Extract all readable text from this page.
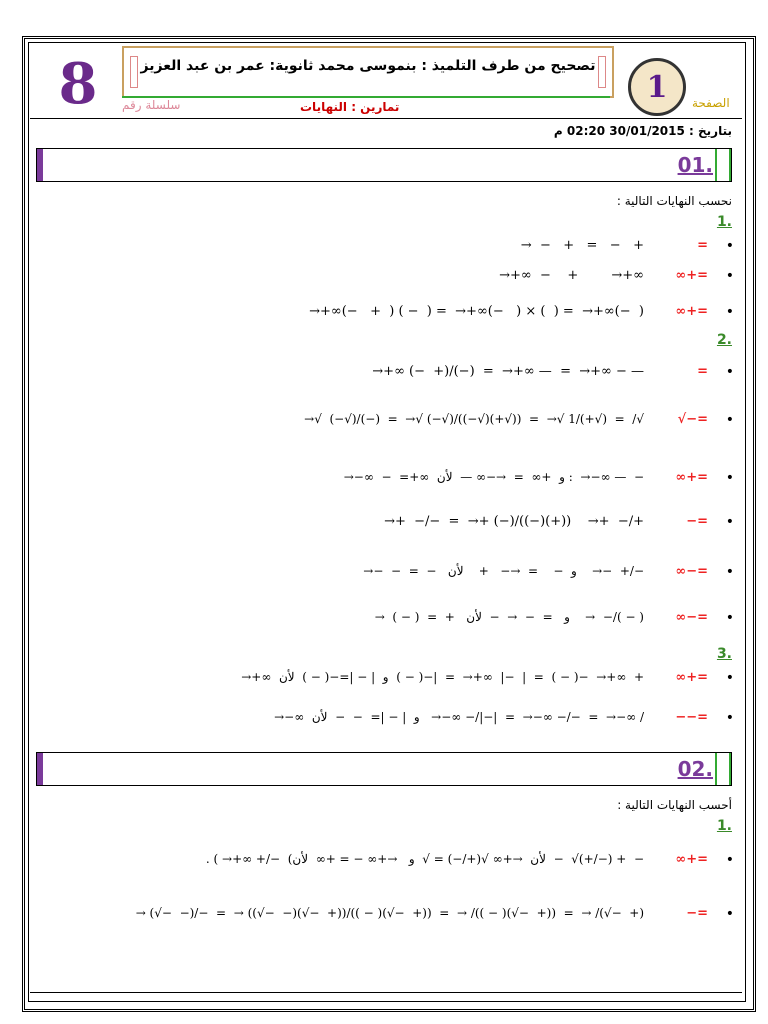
8	تصحيح من طرف التلميذ : بنموسى محمد ثانوية: عمر بن عبد العزيز
سلسلة رقم	تمارين : النهايات
1	الصفحة
بتاريخ : 30/01/2015 02:20 م
01.
نحسب النهايات التالية :
1.
•
=
→  −   +   =   −   +
•
=+∞
→+∞  −    +        →+∞
•
=+∞
→+∞(−   +  ) ( −  ) =  →+∞(−   ) × (  ) =  →+∞(−  )
2.
•
=
→+∞ (−  +)/(−)  =  →+∞ —  =  →+∞ − —
•
=−√
→√  (−√)/(−)  =  →√ (−√)/((−√)(+√))  =  →√ 1/(+√)  =  /√
•
=+∞
→−∞  −  =+∞  و  +∞  =  →−∞ —  لأن :  →−∞ —  −
•
=−
→+  −/−  =  →+ (−)/((−)(+))    →+  −/+
•
=−∞
→−  −  =  −   و  −    =  →−   +    لأن    →−  +/−
•
=−∞
→  ( − )  =  +   و   =  −  →  −  لأن    →  −/( − )
3.
•
=+∞
→+∞  و  | − |=−( − )  لأن  ( − )−|  =  →+∞  |−  |  =  ( − )−  →+∞  +
•
=−−
→−∞  و  | − |=  −  −  لأن   →−∞ −/|−|  =  →−∞ −/−  =  →−∞ /
02.
أحسب النهايات التالية :
1.
•
=+∞
. ( →+∞ +/−  (لأن  →+∞ √(+/−) = √  و   →+∞ − = +∞  لأن  −  √(+/−) +  −
•
=−
→ (√−  −)/−  =  → ((√−  −)(√−  +))/(( − )(√−  +))  =  → /(( − )(√−  +))  =  → /(√−  +)
